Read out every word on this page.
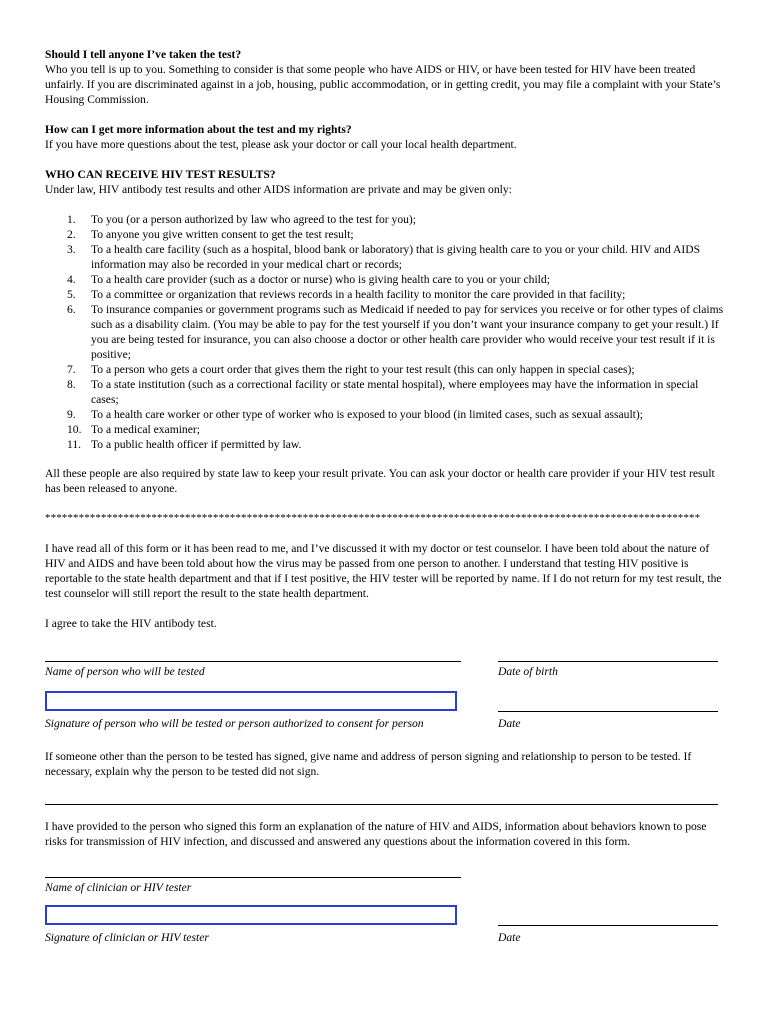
Should I tell anyone I’ve taken the test?

Who you tell is up to you. Something to consider is that some people who have AIDS or HIV, or have been tested for HIV have been treated unfairly. If you are discriminated against in a job, housing, public accommodation, or in getting credit, you may file a complaint with your State’s Housing Commission.

How can I get more information about the test and my rights?

If you have more questions about the test, please ask your doctor or call your local health department.

WHO CAN RECEIVE HIV TEST RESULTS?

Under law, HIV antibody test results and other AIDS information are private and may be given only:

1.	To you (or a person authorized by law who agreed to the test for you);
2.	To anyone you give written consent to get the test result;
3.	To a health care facility (such as a hospital, blood bank or laboratory) that is giving health care to you or your child. HIV and AIDS information may also be recorded in your medical chart or records;
4.	To a health care provider (such as a doctor or nurse) who is giving health care to you or your child;
5.	To a committee or organization that reviews records in a health facility to monitor the care provided in that facility;
6.	To insurance companies or government programs such as Medicaid if needed to pay for services you receive or for other types of claims such as a disability claim. (You may be able to pay for the test yourself if you don’t want your insurance company to get your result.) If you are being tested for insurance, you can also choose a doctor or other health care provider who would receive your test result if it is positive;
7.	To a person who gets a court order that gives them the right to your test result (this can only happen in special cases);
8.	To a state institution (such as a correctional facility or state mental hospital), where employees may have the information in special cases;
9.	To a health care worker or other type of worker who is exposed to your blood (in limited cases, such as sexual assault);
10. To a medical examiner;
11. To a public health officer if permitted by law.

All these people are also required by state law to keep your result private. You can ask your doctor or health care provider if your HIV test result has been released to anyone.

*********************************************************************************************************************

I have read all of this form or it has been read to me, and I’ve discussed it with my doctor or test counselor. I have been told about the nature of HIV and AIDS and have been told about how the virus may be passed from one person to another. I understand that testing HIV positive is reportable to the state health department and that if I test positive, the HIV tester will be reported by name. If I do not return for my test result, the test counselor will still report the result to the state health department.

I agree to take the HIV antibody test.

Name of person who will be tested	Date of birth
Signature of person who will be tested or person authorized to consent for person	Date

If someone other than the person to be tested has signed, give name and address of person signing and relationship to person to be tested. If necessary, explain why the person to be tested did not sign.

I have provided to the person who signed this form an explanation of the nature of HIV and AIDS, information about behaviors known to pose risks for transmission of HIV infection, and discussed and answered any questions about the information covered in this form.

Name of clinician or HIV tester
Signature of clinician or HIV tester	Date
